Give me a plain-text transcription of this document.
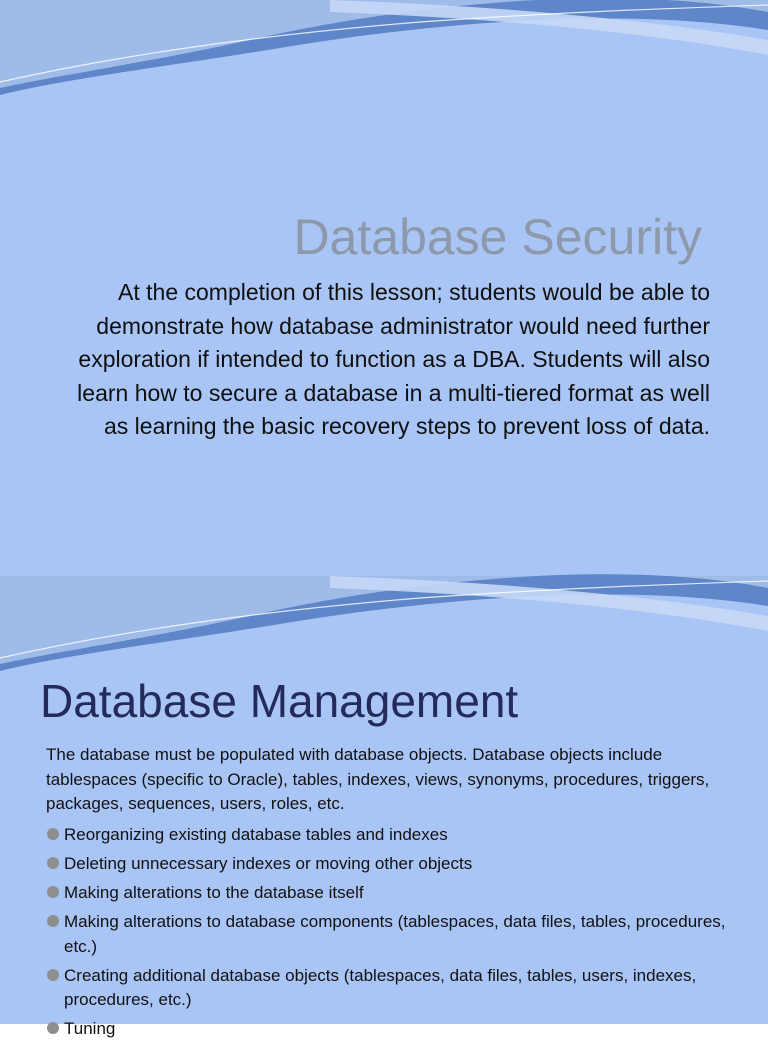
Database Security

At the completion of this lesson; students would be able to demonstrate how database administrator would need further exploration if intended to function as a DBA. Students will also learn how to secure a database in a multi-tiered format as well as learning the basic recovery steps to prevent loss of data.

Database Management

The database must be populated with database objects. Database objects include tablespaces (specific to Oracle), tables, indexes, views, synonyms, procedures, triggers, packages, sequences, users, roles, etc.

Reorganizing existing database tables and indexes
Deleting unnecessary indexes or moving other objects
Making alterations to the database itself
Making alterations to database components (tablespaces, data files, tables, procedures, etc.)
Creating additional database objects (tablespaces, data files, tables, users, indexes, procedures, etc.)
Tuning
